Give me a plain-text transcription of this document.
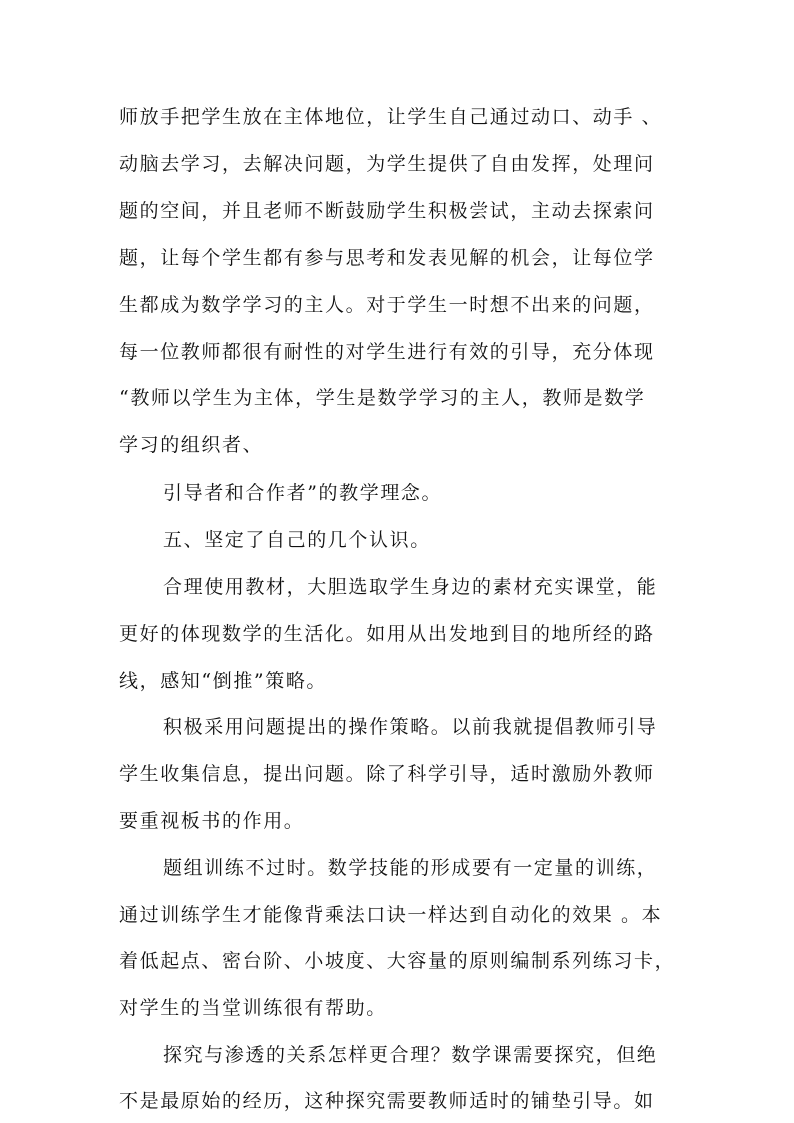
师放手把学生放在主体地位，让学生自己通过动口、动手 、
动脑去学习，去解决问题，为学生提供了自由发挥，处理问
题的空间，并且老师不断鼓励学生积极尝试，主动去探索问
题，让每个学生都有参与思考和发表见解的机会，让每位学
生都成为数学学习的主人。对于学生一时想不出来的问题，
每一位教师都很有耐性的对学生进行有效的引导，充分体现
“教师以学生为主体，学生是数学学习的主人，教师是数学
学习的组织者、
引导者和合作者”的教学理念。
五、坚定了自己的几个认识。
合理使用教材，大胆选取学生身边的素材充实课堂，能
更好的体现数学的生活化。如用从出发地到目的地所经的路
线，感知“倒推”策略。
积极采用问题提出的操作策略。以前我就提倡教师引导
学生收集信息，提出问题。除了科学引导，适时激励外教师
要重视板书的作用。
题组训练不过时。数学技能的形成要有一定量的训练，
通过训练学生才能像背乘法口诀一样达到自动化的效果 。本
着低起点、密台阶、小坡度、大容量的原则编制系列练习卡，
对学生的当堂训练很有帮助。
探究与渗透的关系怎样更合理？数学课需要探究，但绝
不是最原始的经历，这种探究需要教师适时的铺垫引导。如
